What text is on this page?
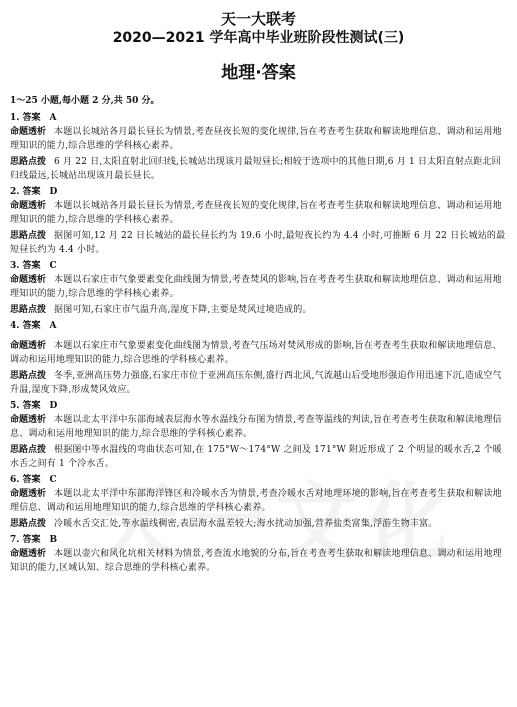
天一大联考
2020—2021 学年高中毕业班阶段性测试(三)
地理·答案
1～25 小题,每小题 2 分,共 50 分。
1. 答案　A
命题透析 本题以长城站各月最长昼长为情景,考查昼夜长短的变化规律,旨在考查考生获取和解读地理信息、调动和运用地理知识的能力,综合思维的学科核心素养。
思路点拨 6 月 22 日,太阳直射北回归线,长城站出现该月最短昼长;相较于选项中的其他日期,6 月 1 日太阳直射点距北回归线最远,长城站出现该月最长昼长。
2. 答案　D
命题透析 本题以长城站各月最长昼长为情景,考查昼夜长短的变化规律,旨在考查考生获取和解读地理信息、调动和运用地理知识的能力,综合思维的学科核心素养。
思路点拨 据图可知,12 月 22 日长城站的最长昼长约为 19.6 小时,最短夜长约为 4.4 小时,可推断 6 月 22 日长城站的最短昼长约为 4.4 小时。
3. 答案　C
命题透析 本题以石家庄市气象要素变化曲线图为情景,考查焚风的影响,旨在考查考生获取和解读地理信息、调动和运用地理知识的能力,综合思维的学科核心素养。
思路点拨 据图可知,石家庄市气温升高,湿度下降,主要是焚风过境造成的。
4. 答案　A
命题透析 本题以石家庄市气象要素变化曲线图为情景,考查气压场对焚风形成的影响,旨在考查考生获取和解读地理信息、调动和运用地理知识的能力,综合思维的学科核心素养。
思路点拨 冬季,亚洲高压势力强盛,石家庄市位于亚洲高压东侧,盛行西北风,气流越山后受地形强迫作用迅速下沉,造成空气升温,湿度下降,形成焚风效应。
5. 答案　D
命题透析 本题以北太平洋中东部海域表层海水等水温线分布图为情景,考查等温线的判读,旨在考查考生获取和解读地理信息、调动和运用地理知识的能力,综合思维的学科核心素养。
思路点拨 根据图中等水温线的弯曲状态可知,在 175°W～174°W 之间及 171°W 附近形成了 2 个明显的暖水舌,2 个暖水舌之间有 1 个冷水舌。
6. 答案　C
命题透析 本题以北太平洋中东部海洋锋区和冷暖水舌为情景,考查冷暖水舌对地理环境的影响,旨在考查考生获取和解读地理信息、调动和运用地理知识的能力,综合思维的学科核心素养。
思路点拨 冷暖水舌交汇处,等水温线稠密,表层海水温差较大;海水扰动加强,营养盐类富集,浮游生物丰富。
7. 答案　B
命题透析 本题以壶穴和风化坑相关材料为情景,考查流水地貌的分布,旨在考查考生获取和解读地理信息、调动和运用地理知识的能力,区域认知、综合思维的学科核心素养。
